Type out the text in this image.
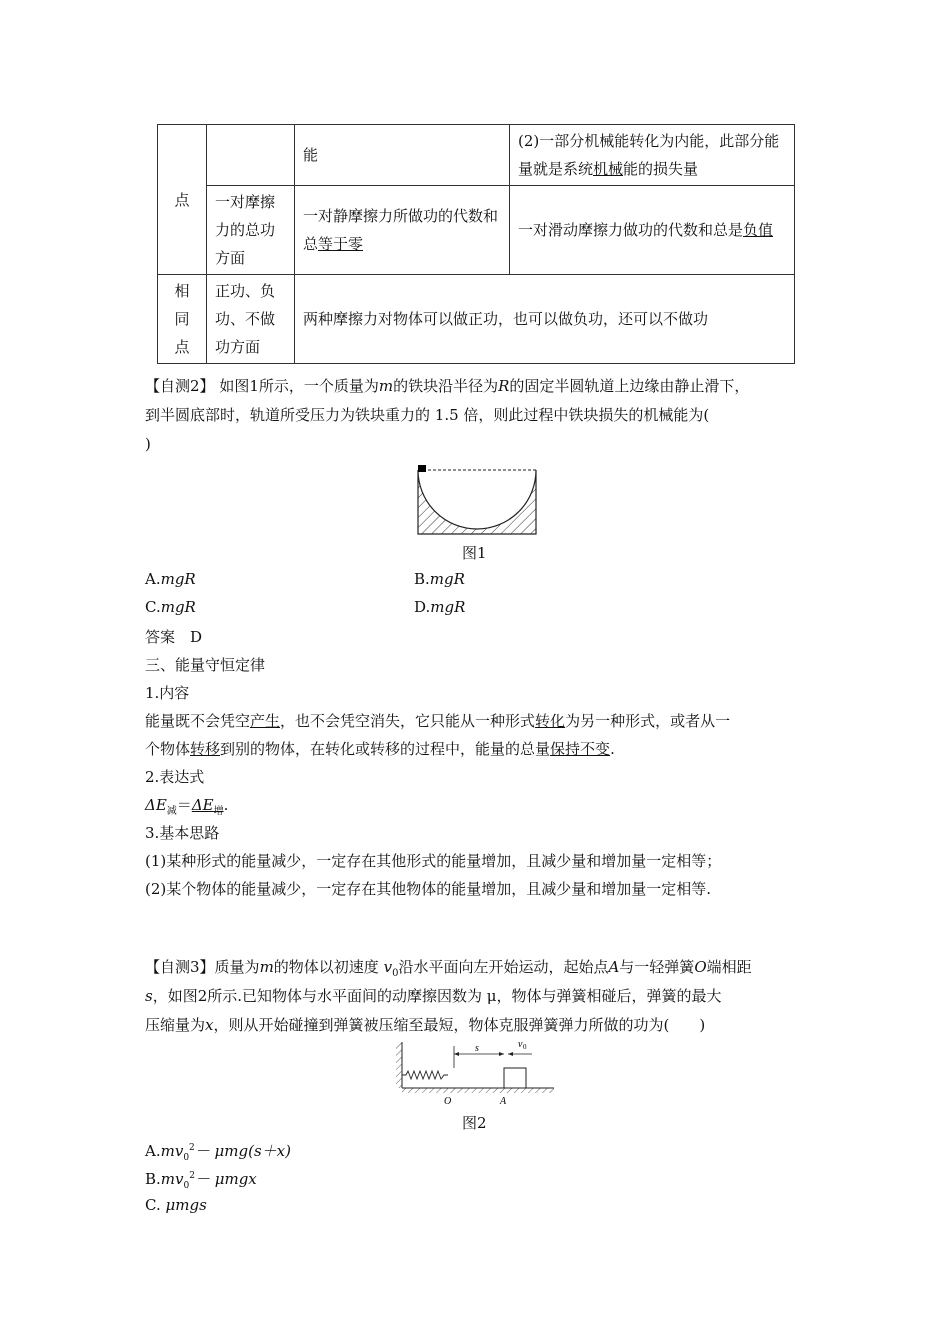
点		能	(2)一部分机械能转化为内能，此部分能量就是系统机械能的损失量
	一对摩擦力的总功方面	一对静摩擦力所做功的代数和总等于零	一对滑动摩擦力做功的代数和总是负值
相同点	正功、负功、不做功方面	两种摩擦力对物体可以做正功，也可以做负功，还可以不做功	
【自测2】 如图1所示，一个质量为m的铁块沿半径为R的固定半圆轨道上边缘由静止滑下，
到半圆底部时，轨道所受压力为铁块重力的 1.5 倍，则此过程中铁块损失的机械能为(
)
图1
A.mgR	B.mgR
C.mgR	D.mgR
答案　D
三、能量守恒定律
1.内容
能量既不会凭空产生，也不会凭空消失，它只能从一种形式转化为另一种形式，或者从一
个物体转移到别的物体，在转化或转移的过程中，能量的总量保持不变.
2.表达式
$\Delta E_减=\Delta E_增$.
3.基本思路
(1)某种形式的能量减少，一定存在其他形式的能量增加，且减少量和增加量一定相等；
(2)某个物体的能量减少，一定存在其他物体的能量增加，且减少量和增加量一定相等.
【自测3】质量为m的物体以初速度 $v_0$沿水平面向左开始运动，起始点A与一轻弹簧O端相距
s，如图2所示.已知物体与水平面间的动摩擦因数为 μ，物体与弹簧相碰后，弹簧的最大
压缩量为x，则从开始碰撞到弹簧被压缩至最短，物体克服弹簧弹力所做的功为(　　)
s	v 0
O	A
图2
$A.mv_0^2- \mu mg(s+x)$
$B.mv_0^2- \mu mgx$
C. μmgs
